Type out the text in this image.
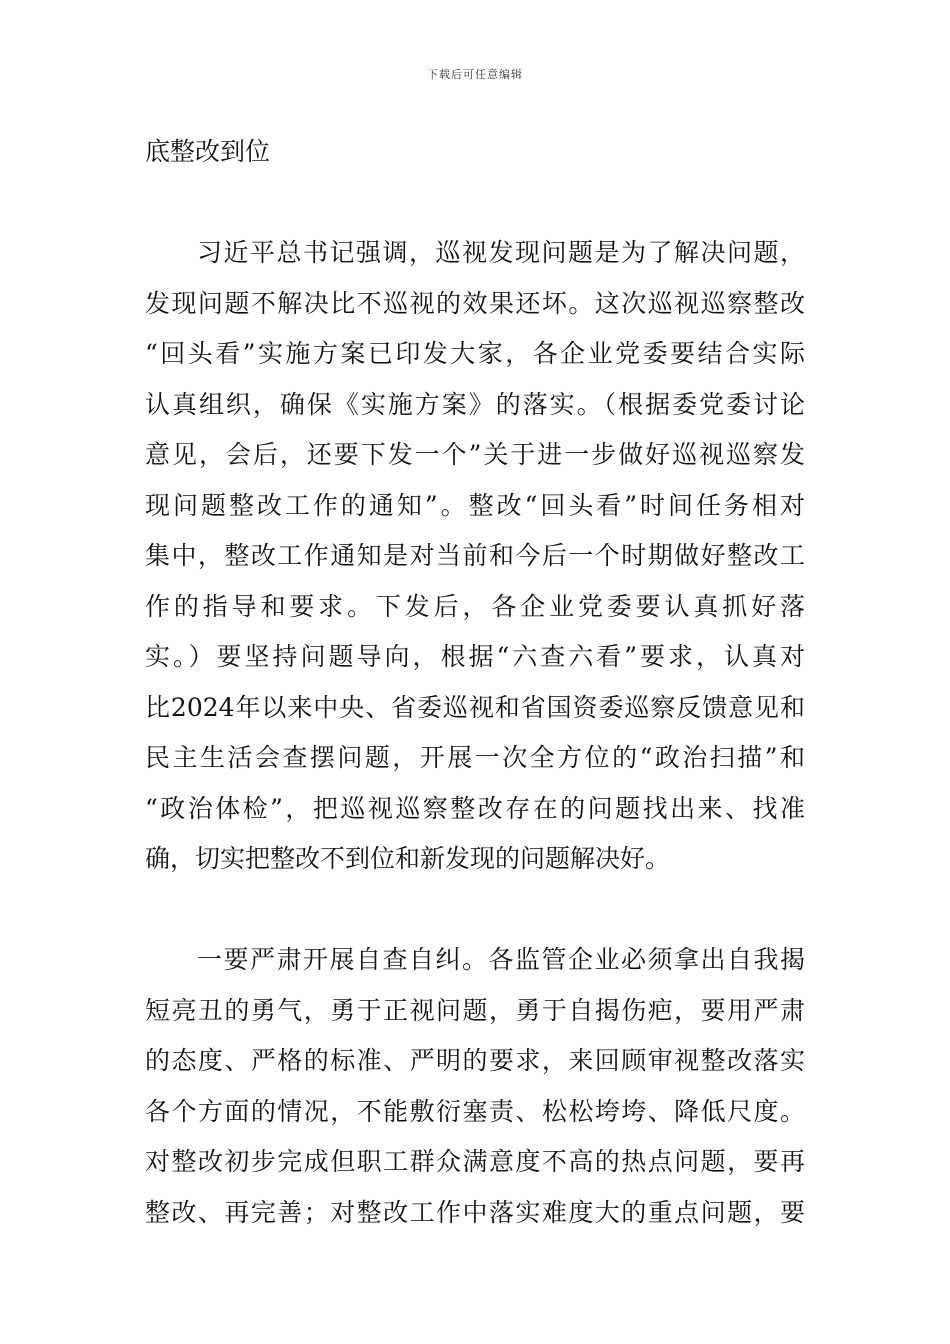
下载后可任意编辑
底整改到位
习近平总书记强调，巡视发现问题是为了解决问题，
发现问题不解决比不巡视的效果还坏。这次巡视巡察整改
“回头看”实施方案已印发大家，各企业党委要结合实际
认真组织，确保《实施方案》的落实。（根据委党委讨论
意见，会后，还要下发一个”关于进一步做好巡视巡察发
现问题整改工作的通知”。整改“回头看”时间任务相对
集中，整改工作通知是对当前和今后一个时期做好整改工
作的指导和要求。下发后，各企业党委要认真抓好落
实。）要坚持问题导向，根据“六查六看”要求，认真对
比2024年以来中央、省委巡视和省国资委巡察反馈意见和
民主生活会查摆问题，开展一次全方位的“政治扫描”和
“政治体检”，把巡视巡察整改存在的问题找出来、找准
确，切实把整改不到位和新发现的问题解决好。
一要严肃开展自查自纠。各监管企业必须拿出自我揭
短亮丑的勇气，勇于正视问题，勇于自揭伤疤，要用严肃
的态度、严格的标准、严明的要求，来回顾审视整改落实
各个方面的情况，不能敷衍塞责、松松垮垮、降低尺度。
对整改初步完成但职工群众满意度不高的热点问题，要再
整改、再完善；对整改工作中落实难度大的重点问题，要
